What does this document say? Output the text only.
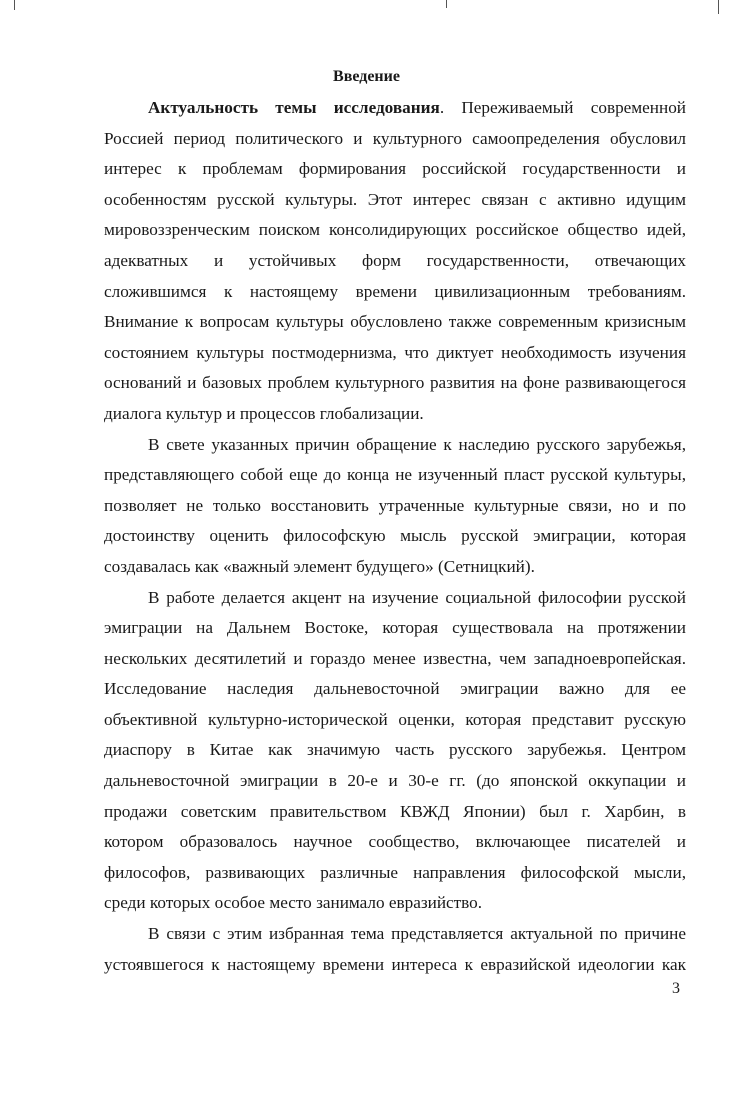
Введение
Актуальность темы исследования. Переживаемый современной
Россией период политического и культурного самоопределения обусловил
интерес к проблемам формирования российской государственности и
особенностям русской культуры. Этот интерес связан с активно идущим
мировоззренческим поиском консолидирующих российское общество идей,
адекватных и устойчивых форм государственности, отвечающих
сложившимся к настоящему времени цивилизационным требованиям.
Внимание к вопросам культуры обусловлено также современным кризисным
состоянием культуры постмодернизма, что диктует необходимость изучения
оснований и базовых проблем культурного развития на фоне развивающегося
диалога культур и процессов глобализации.
В свете указанных причин обращение к наследию русского зарубежья,
представляющего собой еще до конца не изученный пласт русской культуры,
позволяет не только восстановить утраченные культурные связи, но и по
достоинству оценить философскую мысль русской эмиграции, которая
создавалась как «важный элемент будущего» (Сетницкий).
В работе делается акцент на изучение социальной философии русской
эмиграции на Дальнем Востоке, которая существовала на протяжении
нескольких десятилетий и гораздо менее известна, чем западноевропейская.
Исследование наследия дальневосточной эмиграции важно для ее
объективной культурно-исторической оценки, которая представит русскую
диаспору в Китае как значимую часть русского зарубежья. Центром
дальневосточной эмиграции в 20-е и 30-е гг. (до японской оккупации и
продажи советским правительством КВЖД Японии) был г. Харбин, в
котором образовалось научное сообщество, включающее писателей и
философов, развивающих различные направления философской мысли,
среди которых особое место занимало евразийство.
В связи с этим избранная тема представляется актуальной по причине
устоявшегося к настоящему времени интереса к евразийской идеологии как
3
